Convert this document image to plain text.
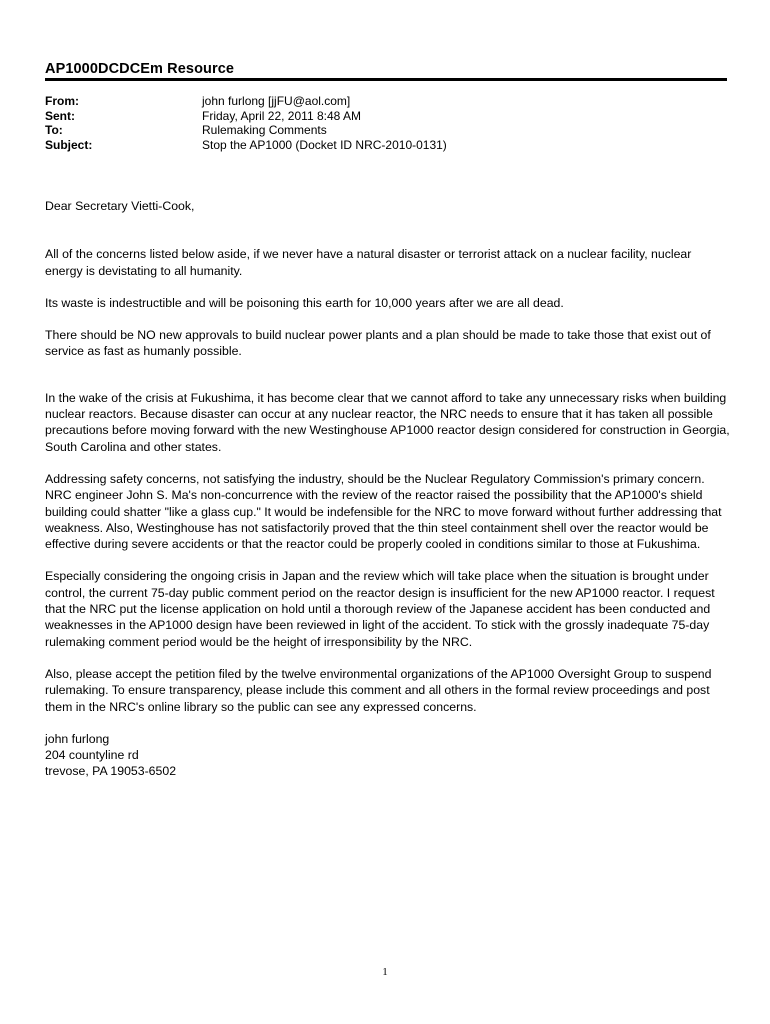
AP1000DCDCEm Resource
From:	john furlong [jjFU@aol.com]
Sent:	Friday, April 22, 2011 8:48 AM
To:	Rulemaking Comments
Subject:	Stop the AP1000 (Docket ID NRC-2010-0131)

Dear Secretary Vietti-Cook,

All of the concerns listed below aside, if we never have a natural disaster or terrorist attack on a nuclear facility, nuclear energy is devistating to all humanity.

Its waste is indestructible and will be poisoning this earth for 10,000 years after we are all dead.

There should be NO new approvals to build nuclear power plants and a plan should be made to take those that exist out of service as fast as humanly possible.

In the wake of the crisis at Fukushima, it has become clear that we cannot afford to take any unnecessary risks when building nuclear reactors. Because disaster can occur at any nuclear reactor, the NRC needs to ensure that it has taken all possible precautions before moving forward with the new Westinghouse AP1000 reactor design considered for construction in Georgia, South Carolina and other states.

Addressing safety concerns, not satisfying the industry, should be the Nuclear Regulatory Commission's primary concern. NRC engineer John S. Ma's non-concurrence with the review of the reactor raised the possibility that the AP1000's shield building could shatter "like a glass cup." It would be indefensible for the NRC to move forward without further addressing that weakness. Also, Westinghouse has not satisfactorily proved that the thin steel containment shell over the reactor would be effective during severe accidents or that the reactor could be properly cooled in conditions similar to those at Fukushima.

Especially considering the ongoing crisis in Japan and the review which will take place when the situation is brought under control, the current 75-day public comment period on the reactor design is insufficient for the new AP1000 reactor. I request that the NRC put the license application on hold until a thorough review of the Japanese accident has been conducted and weaknesses in the AP1000 design have been reviewed in light of the accident. To stick with the grossly inadequate 75-day rulemaking comment period would be the height of irresponsibility by the NRC.

Also, please accept the petition filed by the twelve environmental organizations of the AP1000 Oversight Group to suspend rulemaking. To ensure transparency, please include this comment and all others in the formal review proceedings and post them in the NRC's online library so the public can see any expressed concerns.

john furlong
204 countyline rd
trevose, PA 19053-6502
1
